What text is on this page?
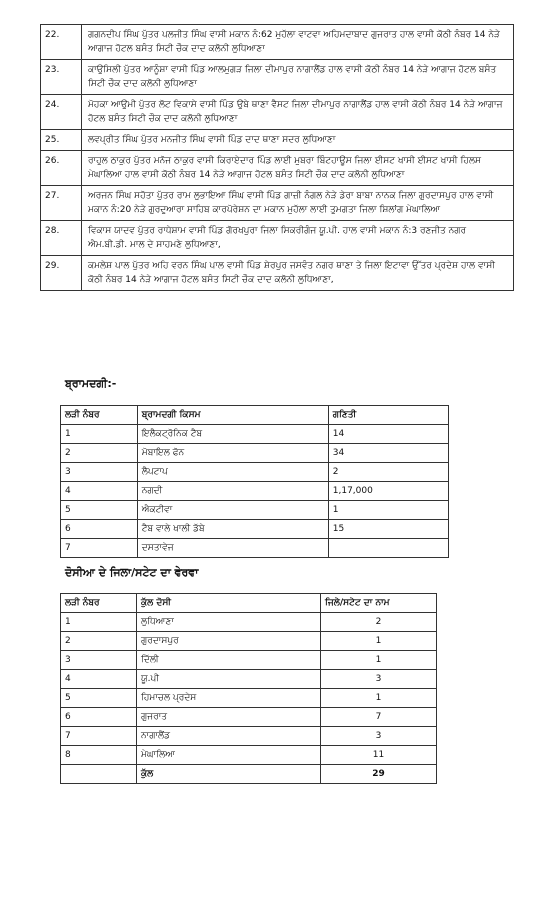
22.	ਗਗਨਦੀਪ ਸਿੰਘ ਪੁੱਤਰ ਪਲਜੀਤ ਸਿੰਘ ਵਾਸੀ ਮਕਾਨ ਨੰ:62 ਮੁਹੱਲਾ ਵਾਟਵਾ ਅਹਿਮਦਾਬਾਦ ਗੁਜਰਾਤ ਹਾਲ ਵਾਸੀ ਕੋਠੀ ਨੰਬਰ 14 ਨੇੜੇ ਆਗਾਜ ਹੋਟਲ ਬਸੰਤ ਸਿਟੀ ਚੌਕ ਦਾਦ ਕਲੋਨੀ ਲੁਧਿਆਣਾ
23.	ਕਾਉਸਿਲੀ ਪੁੱਤਰ ਆਨੂੰਸ਼ਾ ਵਾਸੀ ਪਿੰਡ ਆਲਮੁਗੜ ਜਿਲਾ ਦੀਮਾਪੁਰ ਨਾਗਾਲੈਂਡ ਹਾਲ ਵਾਸੀ ਕੋਠੀ ਨੰਬਰ 14 ਨੇੜੇ ਆਗਾਜ ਹੋਟਲ ਬਸੰਤ ਸਿਟੀ ਚੌਕ ਦਾਦ ਕਲੋਨੀ ਲੁਧਿਆਣਾ
24.	ਮੋਹਕਾ ਆਉਮੀ ਪੁੱਤਰ ਲੋਟ ਵਿਕਾਸੇ ਵਾਸੀ ਪਿੰਡ ਉਬੇ ਥਾਣਾ ਵੈਸਟ ਜਿਲਾ ਦੀਮਾਪੁਰ ਨਾਗਾਲੈਂਡ ਹਾਲ ਵਾਸੀ ਕੋਠੀ ਨੰਬਰ 14 ਨੇੜੇ ਆਗਾਜ ਹੋਟਲ ਬਸੰਤ ਸਿਟੀ ਚੌਕ ਦਾਦ ਕਲੋਨੀ ਲੁਧਿਆਣਾ
25.	ਲਵਪ੍ਰੀਤ ਸਿੰਘ ਪੁੱਤਰ ਮਨਜੀਤ ਸਿੰਘ ਵਾਸੀ ਪਿੰਡ ਦਾਦ ਥਾਣਾ ਸਦਰ ਲੁਧਿਆਣਾ
26.	ਰਾਹੁਲ ਠਾਕੁਰ ਪੁੱਤਰ ਮਨੋਜ ਠਾਕੁਰ ਵਾਸੀ ਕਿਰਾਏਦਾਰ ਪਿੰਡ ਲਾਈ ਮੁਬਰਾ ਬਿੰਟਹਾਊਸ ਜਿਲਾ ਈਸਟ ਖਾਸੀ ਈਸਟ ਖਾਸੀ ਹਿਲਸ ਮੇਘਾਲਿਆ ਹਾਲ ਵਾਸੀ ਕੋਠੀ ਨੰਬਰ 14 ਨੇੜੇ ਆਗਾਜ ਹੋਟਲ ਬਸੰਤ ਸਿਟੀ ਚੌਕ ਦਾਦ ਕਲੋਨੀ ਲੁਧਿਆਣਾ
27.	ਅਰਜਨ ਸਿੰਘ ਸਹੋਤਾ ਪੁੱਤਰ ਰਾਮ ਲੁਭਾਇਆ ਸਿੰਘ ਵਾਸੀ ਪਿੰਡ ਗਾਜ਼ੀ ਨੰਗਲ ਨੇੜੇ ਡੇਰਾ ਬਾਬਾ ਨਾਨਕ ਜਿਲਾ ਗੁਰਦਾਸਪੁਰ ਹਾਲ ਵਾਸੀ ਮਕਾਨ ਨੰ:20 ਨੇੜੇ ਗੁਰਦੁਆਰਾ ਸਾਹਿਬ ਕਾਰਪੋਰੇਸ਼ਨ ਦਾ ਮਕਾਨ ਮੁਹੱਲਾ ਲਾਈ ਤੁਮਗਤਾ ਜਿਲਾ ਸ਼ਿਲਾਂਗ ਮੇਘਾਲਿਆ
28.	ਵਿਕਾਸ ਯਾਦਵ ਪੁੱਤਰ ਰਾਧੇਸ਼ਾਮ ਵਾਸੀ ਪਿੰਡ ਗੋਰਖਪੁਰਾ ਜਿਲਾ ਸਿਕਰੀਗੰਜ ਯੂ.ਪੀ. ਹਾਲ ਵਾਸੀ ਮਕਾਨ ਨੰ:3 ਰਣਜੀਤ ਨਗਰ ਐਮ.ਬੀ.ਡੀ. ਮਾਲ ਦੇ ਸਾਹਮਣੇ ਲੁਧਿਆਣਾ,
29.	ਕਮਲੇਸ਼ ਪਾਲ ਪੁੱਤਰ ਅਹਿ ਵਰਨ ਸਿੰਘ ਪਾਲ ਵਾਸੀ ਪਿੰਡ ਸ਼ੇਰਪੁਰ ਜਸਵੰਤ ਨਗਰ ਥਾਣਾ ਤੇ ਜਿਲਾ ਇਟਾਵਾ ਉੱਤਰ ਪ੍ਰਦੇਸ਼ ਹਾਲ ਵਾਸੀ ਕੋਠੀ ਨੰਬਰ 14 ਨੇੜੇ ਆਗਾਜ ਹੋਟਲ ਬਸੰਤ ਸਿਟੀ ਚੌਕ ਦਾਦ ਕਲੋਨੀ ਲੁਧਿਆਣਾ,
ਬ੍ਰਾਮਦਗੀ:-
ਲੜੀ ਨੰਬਰ	ਬ੍ਰਾਮਦਗੀ ਕਿਸਮ	ਗਣਿਤੀ
1	ਇਲੈਕਟ੍ਰੋਨਿਕ ਟੈਬ	14
2	ਮੋਬਾਇਲ ਫੋਨ	34
3	ਲੈਪਟਾਪ	2
4	ਨਗਦੀ	1,17,000
5	ਐਕਟੀਵਾ	1
6	ਟੈਬ ਵਾਲੇ ਖਾਲੀ ਡੱਬੇ	15
7	ਦਸਤਾਵੇਜ	
ਦੋਸੀਆ ਦੇ ਜਿਲਾ/ਸਟੇਟ ਦਾ ਵੇਰਵਾ
ਲੜੀ ਨੰਬਰ	ਕੁੱਲ ਦੋਸੀ	ਜਿਲੇ/ਸਟੇਟ ਦਾ ਨਾਮ
1	ਲੁਧਿਆਣਾ	2
2	ਗੁਰਦਾਸਪੁਰ	1
3	ਦਿੱਲੀ	1
4	ਯੂ.ਪੀ	3
5	ਹਿਮਾਚਲ ਪ੍ਰਦੇਸ	1
6	ਗੁਜਰਾਤ	7
7	ਨਾਗਾਲੈਂਡ	3
8	ਮੇਘਾਲਿਆ	11
	ਕੁੱਲ	29
